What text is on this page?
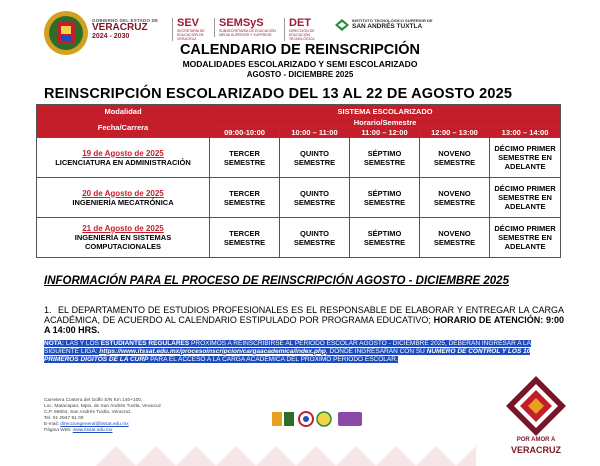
GOBIERNO DEL ESTADO DE
VERACRUZ
2024 - 2030
SEV
SECRETARÍA DE EDUCACIÓN DE VERACRUZ
SEMSyS
SUBSECRETARÍA DE EDUCACIÓN MEDIA SUPERIOR Y SUPERIOR
DET
DIRECCIÓN DE EDUCACIÓN TECNOLÓGICA
INSTITUTO TECNOLÓGICO SUPERIOR DE
SAN ANDRÉS TUXTLA
CALENDARIO DE REINSCRIPCIÓN
MODALIDADES ESCOLARIZADO Y SEMI ESCOLARIZADO
AGOSTO - DICIEMBRE 2025
REINSCRIPCIÓN ESCOLARIZADO DEL 13 AL 22 DE AGOSTO 2025
Modalidad	SISTEMA ESCOLARIZADO				
Fecha/Carrera	Horario/Semestre				
	09:00-10:00	10:00 – 11:00	11:00 – 12:00	12:00 – 13:00	13:00 – 14:00

19 de Agosto de 2025
LICENCIATURA EN ADMINISTRACIÓN	TERCER SEMESTRE	QUINTO SEMESTRE	SÉPTIMO SEMESTRE	NOVENO SEMESTRE	DÉCIMO PRIMER SEMESTRE EN ADELANTE

20 de Agosto de 2025
INGENIERÍA MECATRÓNICA	TERCER SEMESTRE	QUINTO SEMESTRE	SÉPTIMO SEMESTRE	NOVENO SEMESTRE	DÉCIMO PRIMER SEMESTRE EN ADELANTE

21 de Agosto de 2025
INGENIERÍA EN SISTEMAS COMPUTACIONALES	TERCER SEMESTRE	QUINTO SEMESTRE	SÉPTIMO SEMESTRE	NOVENO SEMESTRE	DÉCIMO PRIMER SEMESTRE EN ADELANTE
INFORMACIÓN PARA EL PROCESO DE REINSCRIPCIÓN AGOSTO - DICIEMBRE 2025
1. EL DEPARTAMENTO DE ESTUDIOS PROFESIONALES ES EL RESPONSABLE DE ELABORAR Y ENTREGAR LA CARGA ACADÉMICA, DE ACUERDO AL CALENDARIO ESTIPULADO POR PROGRAMA EDUCATIVO; HORARIO DE ATENCIÓN: 9:00 A 14:00 HRS.
NOTA: LAS Y LOS ESTUDIANTES REGULARES PRÓXIMOS A REINSCRIBIRSE AL PERIODO ESCOLAR AGOSTO - DICIEMBRE 2025, DEBERÁN INGRESAR A LA SIGUIENTE LIGA: https://www.itssat.edu.mx/procesoinscripcion/cargaacademica/index.php, DONDE INGRESARÁN CON SU NÚMERO DE CONTROL Y LOS 10 PRIMEROS DÍGITOS DE LA CURP PARA EL ACCESO A LA CARGA ACADÉMICA DEL PRÓXIMO PERIODO ESCOLAR.
Carretera Costera del Golfo S/N Km 140+100,
Loc. Matacapan, Mpio. de San Andrés Tuxtla, Veracruz
C.P. 95804, San Andrés Tuxtla, Veracruz.
Tel. 01 2947 91 00
E-mail: direcciongeneral@itssat.edu.mx
Página Web: www.itssat.edu.mx
POR AMOR A
VERACRUZ
